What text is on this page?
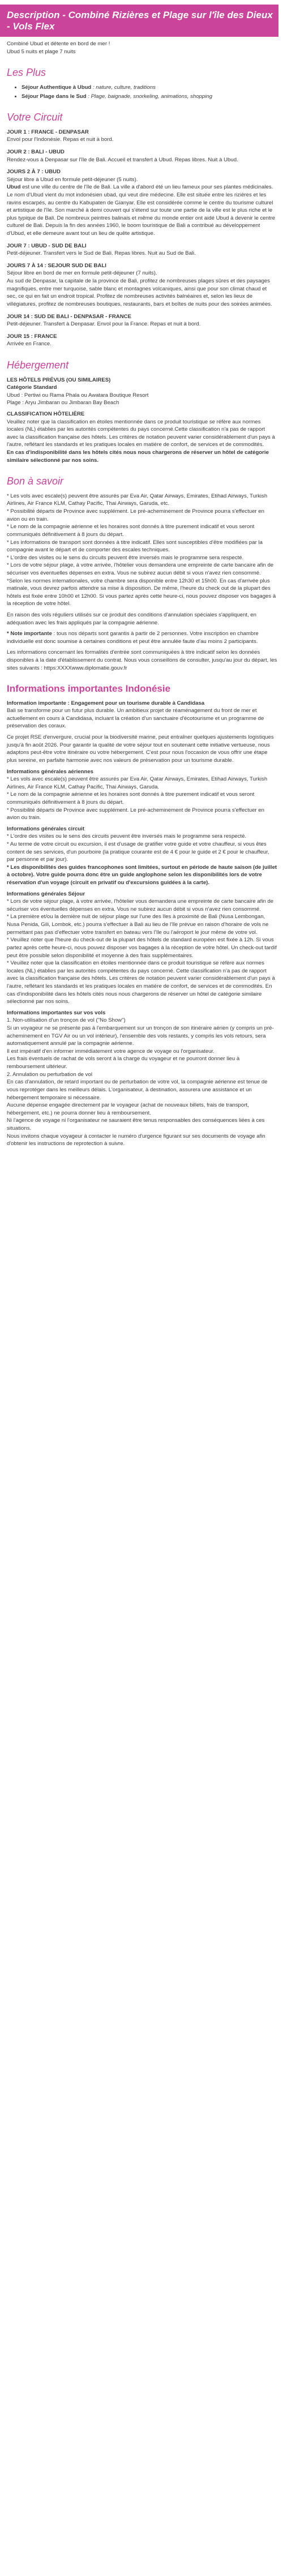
Description - Combiné Rizières et Plage sur l'île des Dieux - Vols Flex

Combiné Ubud et détente en bord de mer !

Ubud 5 nuits et plage 7 nuits

Les Plus
• Séjour Authentique à Ubud : nature, culture, traditions
• Séjour Plage dans le Sud : Plage, baignade, snorkeling, animations, shopping
Votre Circuit

JOUR 1 : FRANCE - DENPASAR

Envol pour l'Indonésie. Repas et nuit à bord.

JOUR 2 : BALI - UBUD

Rendez-vous à Denpasar sur l'île de Bali. Accueil et transfert à Ubud. Repas libres. Nuit à Ubud.

JOURS 2 À 7 : UBUD

Séjour libre à Ubud en formule petit-déjeuner (5 nuits).

Ubud est une ville du centre de l'île de Bali. La ville a d'abord été un lieu fameux pour ses plantes médicinales. Le nom d'Ubud vient du mot indonésien ubad, qui veut dire médecine. Elle est située entre les rizières et les ravins escarpés, au centre du Kabupaten de Gianyar. Elle est considérée comme le centre du tourisme culturel et artistique de l'île. Son marché à demi couvert qui s'étend sur toute une partie de la ville est le plus riche et le plus typique de Bali. De nombreux peintres balinais et même du monde entier ont aidé Ubud à devenir le centre culturel de Bali. Depuis la fin des années 1960, le boom touristique de Bali a contribué au développement d'Ubud, et elle demeure avant tout un lieu de quête artistique.

JOUR 7 : UBUD - SUD DE BALI

Petit-déjeuner. Transfert vers le Sud de Bali. Repas libres. Nuit au Sud de Bali.

JOURS 7 À 14 : SEJOUR SUD DE BALI

Séjour libre en bord de mer en formule petit-déjeuner (7 nuits).

Au sud de Denpasar, la capitale de la province de Bali, profitez de nombreuses plages sûres et des paysages magnifiques, entre mer turquoise, sable blanc et montagnes volcaniques, ainsi que pour son climat chaud et sec, ce qui en fait un endroit tropical. Profitez de nombreuses activités balnéaires et, selon les lieux de villégiatures, profitez de nombreuses boutiques, restaurants, bars et boîtes de nuits pour des soirées animées.

JOUR 14 : SUD DE BALI - DENPASAR - FRANCE

Petit-déjeuner. Transfert à Denpasar. Envol pour la France. Repas et nuit à bord.

JOUR 15 : FRANCE

Arrivée en France.

Hébergement

LES HÔTELS PRÉVUS (OU SIMILAIRES)

Catégorie Standard

Ubud : Pertiwi ou Rama Phala ou Awatara Boutique Resort

Plage : Aryu Jimbaran ou Jimbaran Bay Beach

CLASSIFICATION HÔTELIÈRE

Veuillez noter que la classification en étoiles mentionnée dans ce produit touristique se réfère aux normes locales (NL) établies par les autorités compétentes du pays concerné.Cette classification n'a pas de rapport avec la classification française des hôtels. Les critères de notation peuvent varier considérablement d'un pays à l'autre, reflétant les standards et les pratiques locales en matière de confort, de services et de commodités.

En cas d'indisponibilité dans les hôtels cités nous nous chargerons de réserver un hôtel de catégorie similaire sélectionné par nos soins.

Bon à savoir

* Les vols avec escale(s) peuvent être assurés par Eva Air, Qatar Airways, Emirates, Etihad Airways, Turkish Airlines, Air France KLM, Cathay Pacific, Thai Airways, Garuda, etc.

* Possibilité départs de Province avec supplément. Le pré-acheminement de Province pourra s'effectuer en avion ou en train.

* Le nom de la compagnie aérienne et les horaires sont donnés à titre purement indicatif et vous seront communiqués définitivement à 8 jours du départ.

* Les informations de transport sont données à titre indicatif. Elles sont susceptibles d'être modifiées par la compagnie avant le départ et de comporter des escales techniques.

* L'ordre des visites ou le sens du circuits peuvent être inversés mais le programme sera respecté.

* Lors de votre séjour plage, à votre arrivée, l'hôtelier vous demandera une empreinte de carte bancaire afin de sécuriser vos éventuelles dépenses en extra. Vous ne subirez aucun débit si vous n'avez rien consommé.

*Selon les normes internationales, votre chambre sera disponible entre 12h30 et 15h00. En cas d'arrivée plus matinale, vous devrez parfois attendre sa mise à disposition. De même, l'heure du check out de la plupart des hôtels est fixée entre 10h00 et 12h00. Si vous partez après cette heure-ci, nous pouvez disposer vos bagages à la réception de votre hôtel.

En raison des vols réguliers utilisés sur ce produit des conditions d'annulation spéciales s'appliquent, en adéquation avec les frais appliqués par la compagnie aérienne.

* Note importante : tous nos départs sont garantis à partir de 2 personnes. Votre inscription en chambre individuelle est donc soumise à certaines conditions et peut être annulée faute d'au moins 2 participants.

Les informations concernant les formalités d'entrée sont communiquées à titre indicatif selon les données disponibles à la date d'établissement du contrat. Nous vous conseillons de consulter, jusqu'au jour du départ, les sites suivants : https:XXXXwww.diplomatie.gouv.fr

Informations importantes Indonésie

Information importante : Engagement pour un tourisme durable à Candidasa

Bali se transforme pour un futur plus durable. Un ambitieux projet de réaménagement du front de mer et actuellement en cours à Candidasa, incluant la création d'un sanctuaire d'écotourisme et un programme de préservation des coraux.

Ce projet RSE d'envergure, crucial pour la biodiversité marine, peut entraîner quelques ajustements logistiques jusqu'à fin août 2026. Pour garantir la qualité de votre séjour tout en soutenant cette initiative vertueuse, nous adaptons peut-être votre itinéraire ou votre hébergement. C'est pour nous l'occasion de vous offrir une étape plus sereine, en parfaite harmonie avec nos valeurs de préservation pour un tourisme durable.

Informations générales aériennes

* Les vols avec escale(s) peuvent être assurés par Eva Air, Qatar Airways, Emirates, Etihad Airways, Turkish Airlines, Air France KLM, Cathay Pacific, Thai Airways, Garuda.

* Le nom de la compagnie aérienne et les horaires sont donnés à titre purement indicatif et vous seront communiqués définitivement à 8 jours du départ.

* Possibilité départs de Province avec supplément. Le pré-acheminement de Province pourra s'effectuer en avion ou train.

Informations générales circuit

* L'ordre des visites ou le sens des circuits peuvent être inversés mais le programme sera respecté.

* Au terme de votre circuit ou excursion, il est d'usage de gratifier votre guide et votre chauffeur, si vous êtes content de ses services, d'un pourboire (la pratique courante est de 4 € pour le guide et 2 € pour le chauffeur, par personne et par jour).

* Les disponibilités des guides francophones sont limitées, surtout en période de haute saison (de juillet à octobre). Votre guide pourra donc être un guide anglophone selon les disponibilités lors de votre réservation d'un voyage (circuit en privatif ou d'excursions guidées à la carte).

Informations générales Séjour

* Lors de votre séjour plage, à votre arrivée, l'hôtelier vous demandera une empreinte de carte bancaire afin de sécuriser vos éventuelles dépenses en extra. Vous ne subirez aucun débit si vous n'avez rien consommé.

* La première et/ou la dernière nuit de séjour plage sur l'une des îles à proximité de Bali (Nusa Lembongan, Nusa Penida, Gili, Lombok, etc.) pourra s'effectuer à Bali au lieu de l'île prévue en raison d'horaire de vols ne permettant pas pas d'effectuer votre transfert en bateau vers l'île ou l'aéroport le jour même de votre vol.

* Veuillez noter que l'heure du check-out de la plupart des hôtels de standard européen est fixée à 12h. Si vous partez après cette heure-ci, nous pouvez disposer vos bagages à la réception de votre hôtel. Un check-out tardif peut être possible selon disponibilité et moyenne à des frais supplémentaires.

* Veuillez noter que la classification en étoiles mentionnée dans ce produit touristique se réfère aux normes locales (NL) établies par les autorités compétentes du pays concerné. Cette classification n'a pas de rapport avec la classification française des hôtels. Les critères de notation peuvent varier considérablement d'un pays à l'autre, reflétant les standards et les pratiques locales en matière de confort, de services et de commodités. En cas d'indisponibilité dans les hôtels cités nous nous chargerons de réserver un hôtel de catégorie similaire sélectionné par nos soins.

Informations importantes sur vos vols

1. Non-utilisation d'un tronçon de vol ("No Show")

Si un voyageur ne se présente pas à l'embarquement sur un tronçon de son itinéraire aérien (y compris un pré-acheminement en TGV Air ou un vol intérieur), l'ensemble des vols restants, y compris les vols retours, sera automatiquement annulé par la compagnie aérienne.

Il est impératif d'en informer immédiatement votre agence de voyage ou l'organisateur.

Les frais éventuels de rachat de vols seront à la charge du voyageur et ne pourront donner lieu à remboursement ultérieur.

2. Annulation ou perturbation de vol

En cas d'annulation, de retard important ou de perturbation de votre vol, la compagnie aérienne est tenue de vous reprotéger dans les meilleurs délais. L'organisateur, à destination, assurera une assistance et un hébergement temporaire si nécessaire.

Aucune dépense engagée directement par le voyageur (achat de nouveaux billets, frais de transport, hébergement, etc.) ne pourra donner lieu à remboursement.

Ni l'agence de voyage ni l'organisateur ne sauraient être tenus responsables des conséquences liées à ces situations.

Nous invitons chaque voyageur à contacter le numéro d'urgence figurant sur ses documents de voyage afin d'obtenir les instructions de reprotection à suivre.
